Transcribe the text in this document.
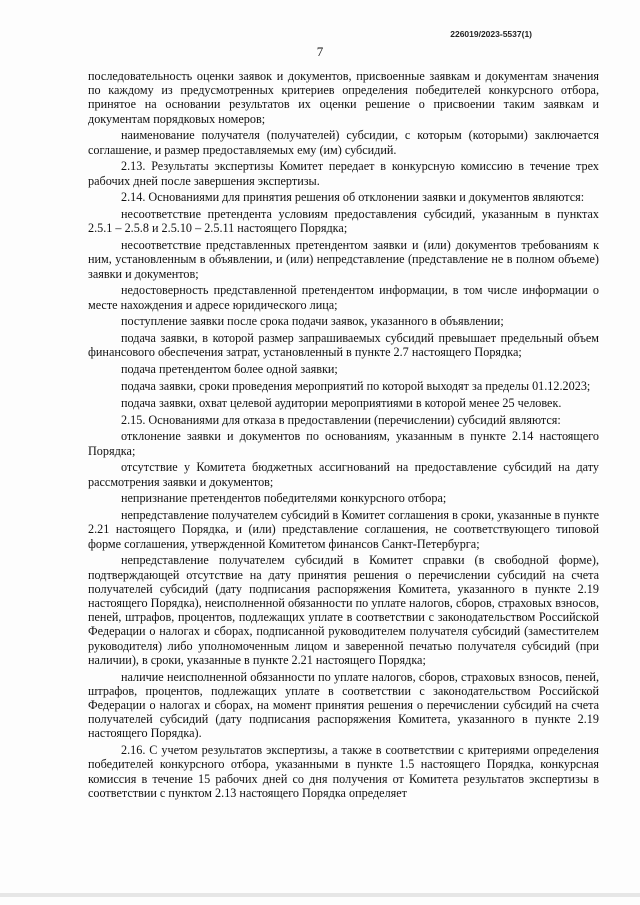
226019/2023-5537(1)
7

последовательность оценки заявок и документов, присвоенные заявкам и документам значения по каждому из предусмотренных критериев определения победителей конкурсного отбора, принятое на основании результатов их оценки решение о присвоении таким заявкам и документам порядковых номеров;

наименование получателя (получателей) субсидии, с которым (которыми) заключается соглашение, и размер предоставляемых ему (им) субсидий.

2.13. Результаты экспертизы Комитет передает в конкурсную комиссию в течение трех рабочих дней после завершения экспертизы.

2.14. Основаниями для принятия решения об отклонении заявки и документов являются:

несоответствие претендента условиям предоставления субсидий, указанным в пунктах 2.5.1 – 2.5.8 и 2.5.10 – 2.5.11 настоящего Порядка;

несоответствие представленных претендентом заявки и (или) документов требованиям к ним, установленным в объявлении, и (или) непредставление (представление не в полном объеме) заявки и документов;

недостоверность представленной претендентом информации, в том числе информации о месте нахождения и адресе юридического лица;

поступление заявки после срока подачи заявок, указанного в объявлении;

подача заявки, в которой размер запрашиваемых субсидий превышает предельный объем финансового обеспечения затрат, установленный в пункте 2.7 настоящего Порядка;

подача претендентом более одной заявки;

подача заявки, сроки проведения мероприятий по которой выходят за пределы 01.12.2023;

подача заявки, охват целевой аудитории мероприятиями в которой менее 25 человек.

2.15. Основаниями для отказа в предоставлении (перечислении) субсидий являются:

отклонение заявки и документов по основаниям, указанным в пункте 2.14 настоящего Порядка;

отсутствие у Комитета бюджетных ассигнований на предоставление субсидий на дату рассмотрения заявки и документов;

непризнание претендентов победителями конкурсного отбора;

непредставление получателем субсидий в Комитет соглашения в сроки, указанные в пункте 2.21 настоящего Порядка, и (или) представление соглашения, не соответствующего типовой форме соглашения, утвержденной Комитетом финансов Санкт-Петербурга;

непредставление получателем субсидий в Комитет справки (в свободной форме), подтверждающей отсутствие на дату принятия решения о перечислении субсидий на счета получателей субсидий (дату подписания распоряжения Комитета, указанного в пункте 2.19 настоящего Порядка), неисполненной обязанности по уплате налогов, сборов, страховых взносов, пеней, штрафов, процентов, подлежащих уплате в соответствии с законодательством Российской Федерации о налогах и сборах, подписанной руководителем получателя субсидий (заместителем руководителя) либо уполномоченным лицом и заверенной печатью получателя субсидий (при наличии), в сроки, указанные в пункте 2.21 настоящего Порядка;

наличие неисполненной обязанности по уплате налогов, сборов, страховых взносов, пеней, штрафов, процентов, подлежащих уплате в соответствии с законодательством Российской Федерации о налогах и сборах, на момент принятия решения о перечислении субсидий на счета получателей субсидий (дату подписания распоряжения Комитета, указанного в пункте 2.19 настоящего Порядка).

2.16. С учетом результатов экспертизы, а также в соответствии с критериями определения победителей конкурсного отбора, указанными в пункте 1.5 настоящего Порядка, конкурсная комиссия в течение 15 рабочих дней со дня получения от Комитета результатов экспертизы в соответствии с пунктом 2.13 настоящего Порядка определяет
